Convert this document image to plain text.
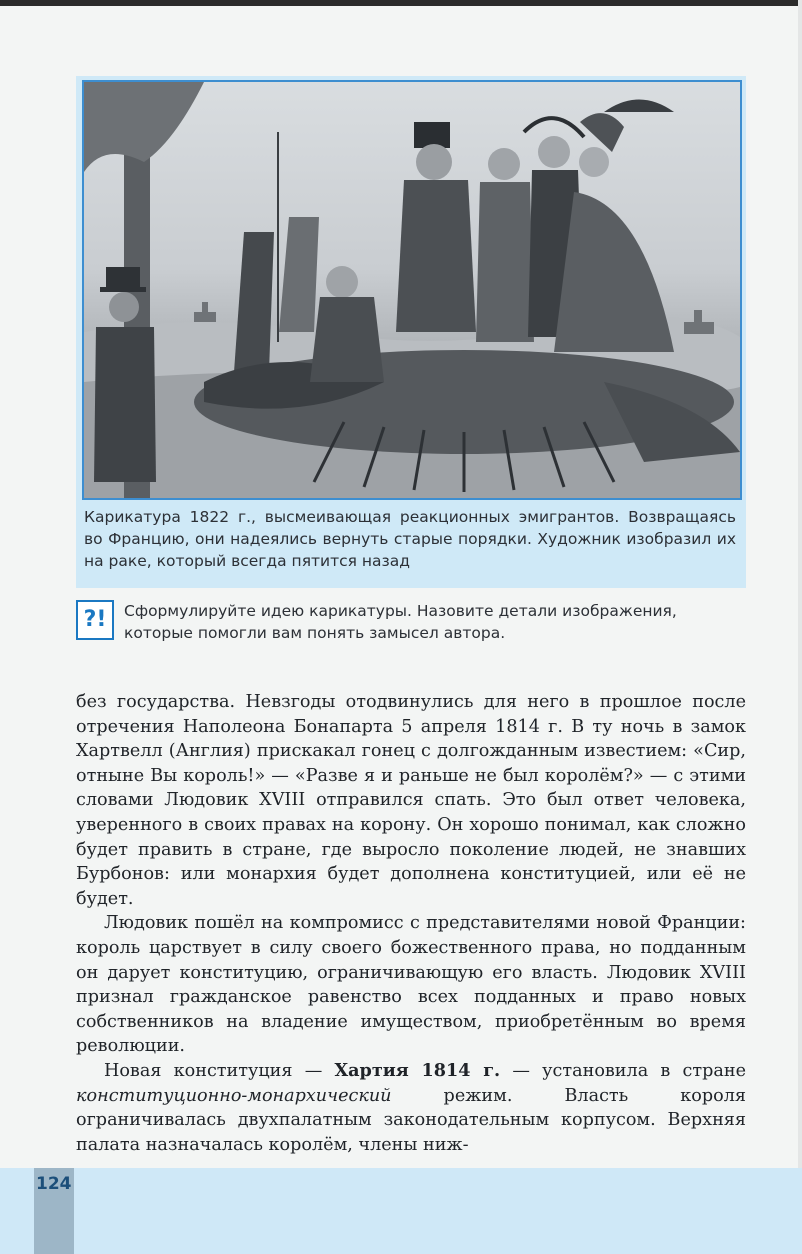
Карикатура 1822 г., высмеивающая реакционных эмигрантов. Возвращаясь во Францию, они надеялись вернуть старые порядки. Художник изобразил их на раке, который всегда пятится назад
?!	Сформулируйте идею карикатуры. Назовите детали изображения, которые помогли вам понять замысел автора.

без государства. Невзгоды отодвинулись для него в прошлое после отречения Наполеона Бонапарта 5 апреля 1814 г. В ту ночь в замок Хартвелл (Англия) прискакал гонец с долгожданным известием: «Сир, отныне Вы король!» — «Разве я и раньше не был королём?» — с этими словами Людовик XVIII отправился спать. Это был ответ человека, уверенного в своих правах на корону. Он хорошо понимал, как сложно будет править в стране, где выросло поколение людей, не знавших Бурбонов: или монархия будет дополнена конституцией, или её не будет.

Людовик пошёл на компромисс с представителями новой Франции: король царствует в силу своего божественного права, но подданным он дарует конституцию, ограничивающую его власть. Людовик XVIII признал гражданское равенство всех подданных и право новых собственников на владение имуществом, приобретённым во время революции.

Новая конституция — Хартия 1814 г. — установила в стране конституционно-монархический режим. Власть короля ограничивалась двухпалатным законодательным корпусом. Верхняя палата назначалась королём, члены ниж-

124
